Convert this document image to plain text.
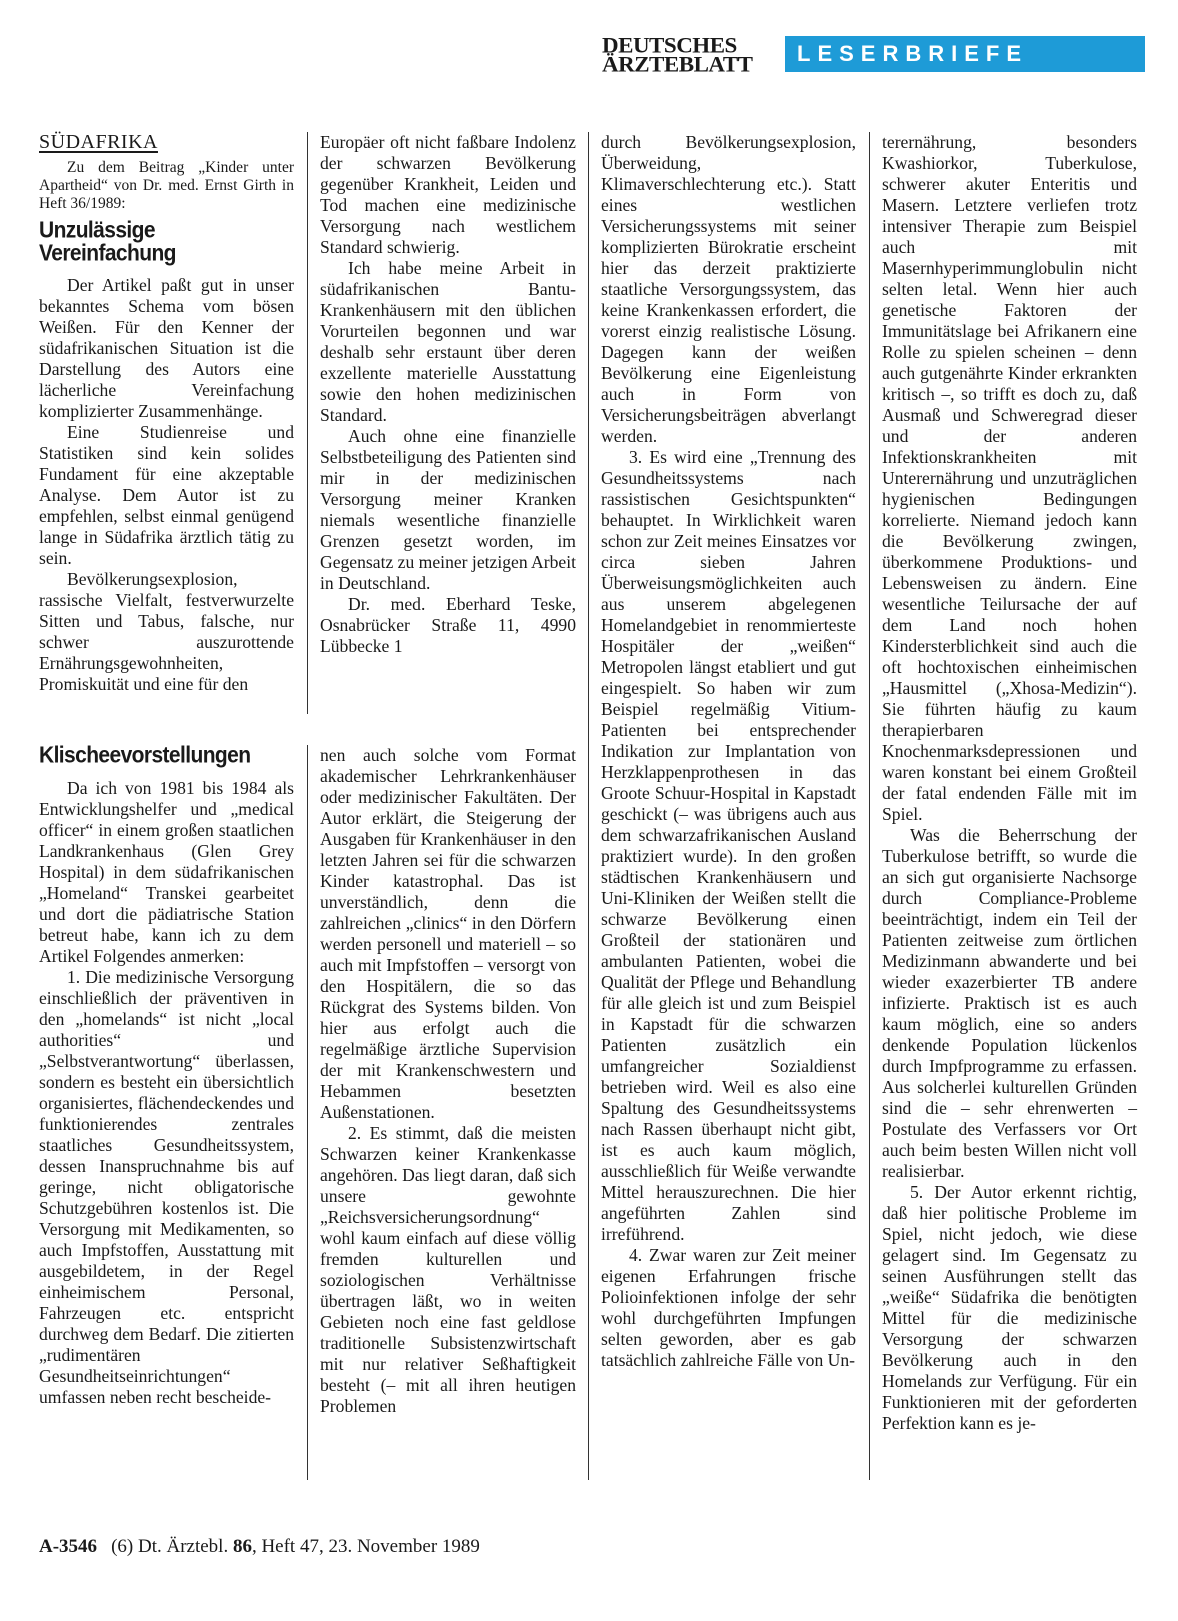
DEUTSCHES
ÄRZTEBLATT	LESERBRIEFE
SÜDAFRIKA
Zu dem Beitrag „Kinder unter Apartheid“ von Dr. med. Ernst Girth in Heft 36/1989:
Unzulässige Vereinfachung

Der Artikel paßt gut in unser bekanntes Schema vom bösen Weißen. Für den Kenner der südafrikanischen Situation ist die Darstellung des Autors eine lächerliche Vereinfachung komplizierter Zusammenhänge.

Eine Studienreise und Statistiken sind kein solides Fundament für eine akzeptable Analyse. Dem Autor ist zu empfehlen, selbst einmal genügend lange in Südafrika ärztlich tätig zu sein.

Bevölkerungsexplosion, rassische Vielfalt, festverwurzelte Sitten und Tabus, falsche, nur schwer auszurottende Ernährungsgewohnheiten, Promiskuität und eine für den

Europäer oft nicht faßbare Indolenz der schwarzen Bevölkerung gegenüber Krankheit, Leiden und Tod machen eine medizinische Versorgung nach westlichem Standard schwierig.

Ich habe meine Arbeit in südafrikanischen Bantu-Krankenhäusern mit den üblichen Vorurteilen begonnen und war deshalb sehr erstaunt über deren exzellente materielle Ausstattung sowie den hohen medizinischen Standard.

Auch ohne eine finanzielle Selbstbeteiligung des Patienten sind mir in der medizinischen Versorgung meiner Kranken niemals wesentliche finanzielle Grenzen gesetzt worden, im Gegensatz zu meiner jetzigen Arbeit in Deutschland.

Dr. med. Eberhard Teske, Osnabrücker Straße 11, 4990 Lübbecke 1

Klischeevorstellungen

Da ich von 1981 bis 1984 als Entwicklungshelfer und „medical officer“ in einem großen staatlichen Landkrankenhaus (Glen Grey Hospital) in dem südafrikanischen „Homeland“ Transkei gearbeitet und dort die pädiatrische Station betreut habe, kann ich zu dem Artikel Folgendes anmerken:

1. Die medizinische Versorgung einschließlich der präventiven in den „homelands“ ist nicht „local authorities“ und „Selbstverantwortung“ überlassen, sondern es besteht ein übersichtlich organisiertes, flächendeckendes und funktionierendes zentrales staatliches Gesundheitssystem, dessen Inanspruchnahme bis auf geringe, nicht obligatorische Schutzgebühren kostenlos ist. Die Versorgung mit Medikamenten, so auch Impfstoffen, Ausstattung mit ausgebildetem, in der Regel einheimischem Personal, Fahrzeugen etc. entspricht durchweg dem Bedarf. Die zitierten „rudimentären Gesundheitseinrichtungen“ umfassen neben recht bescheide-

nen auch solche vom Format akademischer Lehrkrankenhäuser oder medizinischer Fakultäten. Der Autor erklärt, die Steigerung der Ausgaben für Krankenhäuser in den letzten Jahren sei für die schwarzen Kinder katastrophal. Das ist unverständlich, denn die zahlreichen „clinics“ in den Dörfern werden personell und materiell – so auch mit Impfstoffen – versorgt von den Hospitälern, die so das Rückgrat des Systems bilden. Von hier aus erfolgt auch die regelmäßige ärztliche Supervision der mit Krankenschwestern und Hebammen besetzten Außenstationen.

2. Es stimmt, daß die meisten Schwarzen keiner Krankenkasse angehören. Das liegt daran, daß sich unsere gewohnte „Reichsversicherungsordnung“ wohl kaum einfach auf diese völlig fremden kulturellen und soziologischen Verhältnisse übertragen läßt, wo in weiten Gebieten noch eine fast geldlose traditionelle Subsistenzwirtschaft mit nur relativer Seßhaftigkeit besteht (– mit all ihren heutigen Problemen

durch Bevölkerungsexplosion, Überweidung, Klimaverschlechterung etc.). Statt eines westlichen Versicherungssystems mit seiner komplizierten Bürokratie erscheint hier das derzeit praktizierte staatliche Versorgungssystem, das keine Krankenkassen erfordert, die vorerst einzig realistische Lösung. Dagegen kann der weißen Bevölkerung eine Eigenleistung auch in Form von Versicherungsbeiträgen abverlangt werden.

3. Es wird eine „Trennung des Gesundheitssystems nach rassistischen Gesichtspunkten“ behauptet. In Wirklichkeit waren schon zur Zeit meines Einsatzes vor circa sieben Jahren Überweisungsmöglichkeiten auch aus unserem abgelegenen Homelandgebiet in renommierteste Hospitäler der „weißen“ Metropolen längst etabliert und gut eingespielt. So haben wir zum Beispiel regelmäßig Vitium-Patienten bei entsprechender Indikation zur Implantation von Herzklappenprothesen in das Groote Schuur-Hospital in Kapstadt geschickt (– was übrigens auch aus dem schwarzafrikanischen Ausland praktiziert wurde). In den großen städtischen Krankenhäusern und Uni-Kliniken der Weißen stellt die schwarze Bevölkerung einen Großteil der stationären und ambulanten Patienten, wobei die Qualität der Pflege und Behandlung für alle gleich ist und zum Beispiel in Kapstadt für die schwarzen Patienten zusätzlich ein umfangreicher Sozialdienst betrieben wird. Weil es also eine Spaltung des Gesundheitssystems nach Rassen überhaupt nicht gibt, ist es auch kaum möglich, ausschließlich für Weiße verwandte Mittel herauszurechnen. Die hier angeführten Zahlen sind irreführend.

4. Zwar waren zur Zeit meiner eigenen Erfahrungen frische Polioinfektionen infolge der sehr wohl durchgeführten Impfungen selten geworden, aber es gab tatsächlich zahlreiche Fälle von Un-

terernährung, besonders Kwashiorkor, Tuberkulose, schwerer akuter Enteritis und Masern. Letztere verliefen trotz intensiver Therapie zum Beispiel auch mit Masernhyperimmunglobulin nicht selten letal. Wenn hier auch genetische Faktoren der Immunitätslage bei Afrikanern eine Rolle zu spielen scheinen – denn auch gutgenährte Kinder erkrankten kritisch –, so trifft es doch zu, daß Ausmaß und Schweregrad dieser und der anderen Infektionskrankheiten mit Unterernährung und unzuträglichen hygienischen Bedingungen korrelierte. Niemand jedoch kann die Bevölkerung zwingen, überkommene Produktions- und Lebensweisen zu ändern. Eine wesentliche Teilursache der auf dem Land noch hohen Kindersterblichkeit sind auch die oft hochtoxischen einheimischen „Hausmittel („Xhosa-Medizin“). Sie führten häufig zu kaum therapierbaren Knochenmarksdepressionen und waren konstant bei einem Großteil der fatal endenden Fälle mit im Spiel.

Was die Beherrschung der Tuberkulose betrifft, so wurde die an sich gut organisierte Nachsorge durch Compliance-Probleme beeinträchtigt, indem ein Teil der Patienten zeitweise zum örtlichen Medizinmann abwanderte und bei wieder exazerbierter TB andere infizierte. Praktisch ist es auch kaum möglich, eine so anders denkende Population lückenlos durch Impfprogramme zu erfassen. Aus solcherlei kulturellen Gründen sind die – sehr ehrenwerten – Postulate des Verfassers vor Ort auch beim besten Willen nicht voll realisierbar.

5. Der Autor erkennt richtig, daß hier politische Probleme im Spiel, nicht jedoch, wie diese gelagert sind. Im Gegensatz zu seinen Ausführungen stellt das „weiße“ Südafrika die benötigten Mittel für die medizinische Versorgung der schwarzen Bevölkerung auch in den Homelands zur Verfügung. Für ein Funktionieren mit der geforderten Perfektion kann es je-

A-3546 (6) Dt. Ärztebl. 86, Heft 47, 23. November 1989
